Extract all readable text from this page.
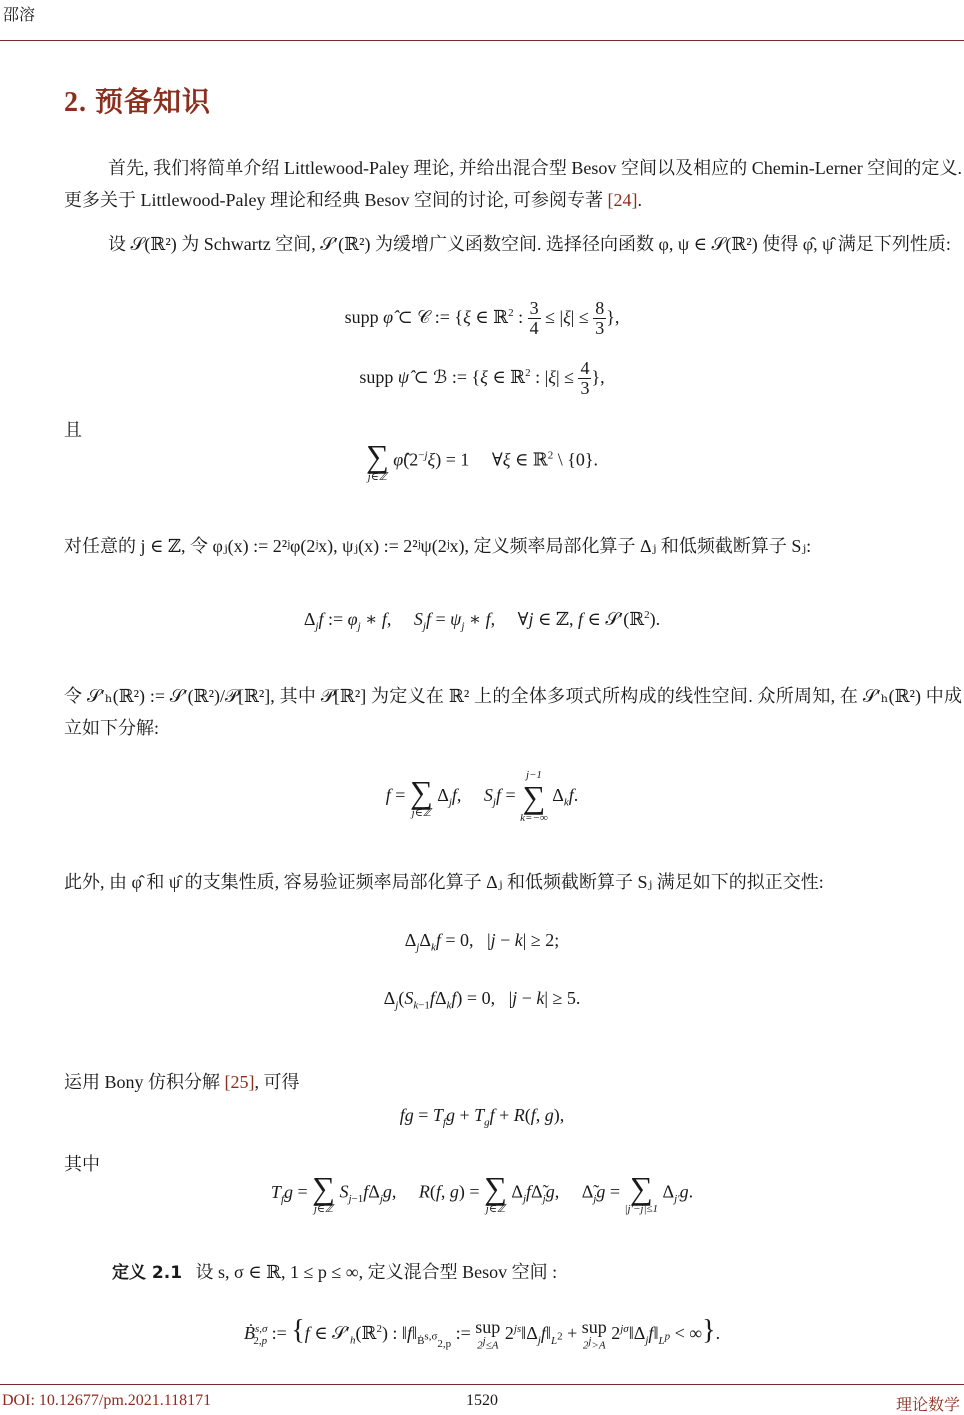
邵溶
2. 预备知识
首先, 我们将简单介绍 Littlewood-Paley 理论, 并给出混合型 Besov 空间以及相应的 Chemin-Lerner 空间的定义. 更多关于 Littlewood-Paley 理论和经典 Besov 空间的讨论, 可参阅专著 [24].
设 𝒮(ℝ²) 为 Schwartz 空间, 𝒮′(ℝ²) 为缓增广义函数空间. 选择径向函数 φ, ψ ∈ 𝒮(ℝ²) 使得 φ̂, ψ̂ 满足下列性质:
supp φ̂ ⊂ 𝒞 := {ξ ∈ ℝ$^2$ : $\frac{3}{4} \le |\xi| \le \frac{8}{3}$ },
supp ψ̂ ⊂ ℬ := {ξ ∈ ℝ$^2$ : $|\xi| \le \frac{4}{3}$ },
且
∑
j∈ℤ
$\varphî(2^{-j}\xi) = 1$     ∀ξ ∈ ℝ$^2$ \ {0}.
对任意的 j ∈ ℤ, 令 φⱼ(x) := 2²ʲφ(2ʲx), ψⱼ(x) := 2²ʲψ(2ʲx), 定义频率局部化算子 Δⱼ 和低频截断算子 Sⱼ:
$\Delta_jf$ := $\varphi_j$ ∗ f,     $S_jf = \psi_j$ ∗ f,     ∀j ∈ ℤ, f ∈ 𝒮′(ℝ$^2$).
令 𝒮′ₕ(ℝ²) := 𝒮′(ℝ²)/𝒫[ℝ²], 其中 𝒫[ℝ²] 为定义在 ℝ² 上的全体多项式所构成的线性空间. 众所周知, 在 𝒮′ₕ(ℝ²) 中成立如下分解:
f = ∑
j∈ℤ
$\Delta_jf$,     $S_jf$ =
j−1
∑
k=−∞
$\Delta_kf$.
此外, 由 φ̂ 和 ψ̂ 的支集性质, 容易验证频率局部化算子 Δⱼ 和低频截断算子 Sⱼ 满足如下的拟正交性:
$\Delta_j\Delta_kf = 0$,   |j − k| ≥ 2;
$\Delta_j(S_{k-1}f\Delta_kf) = 0$,   |j − k| ≥ 5.
运用 Bony 仿积分解 [25], 可得
fg = $T_fg + T_gf + R(f$, g),
其中
$T_fg$ = ∑
j∈ℤ
$S_{j-1}f\Delta_jg$,     R(f, g) = ∑
j∈ℤ
$\Delta_jf\Deltã_jg$,     $\Deltã_jg$ = ∑
|j′−j|≤1
$\Delta_{j'}g$.
定义 2.1 设 s, σ ∈ ℝ, 1 ≤ p ≤ ∞, 定义混合型 Besov 空间 :
Ḃ$^{s,\sigma}_{2,p}$ := {f ∈ $𝒮'_h(ℝ^2)$ : $‖f‖_{Ḃ^{s,\sigma}_{2,p}}$ := sup
$2^j\le A$
$2^{js}‖\Delta_jf‖_{L^2}$ + sup
$2^j>A$
$2^{j\sigma}‖\Delta_jf‖_{L^p}$ < ∞}.
DOI: 10.12677/pm.2021.118171	1520	理论数学
